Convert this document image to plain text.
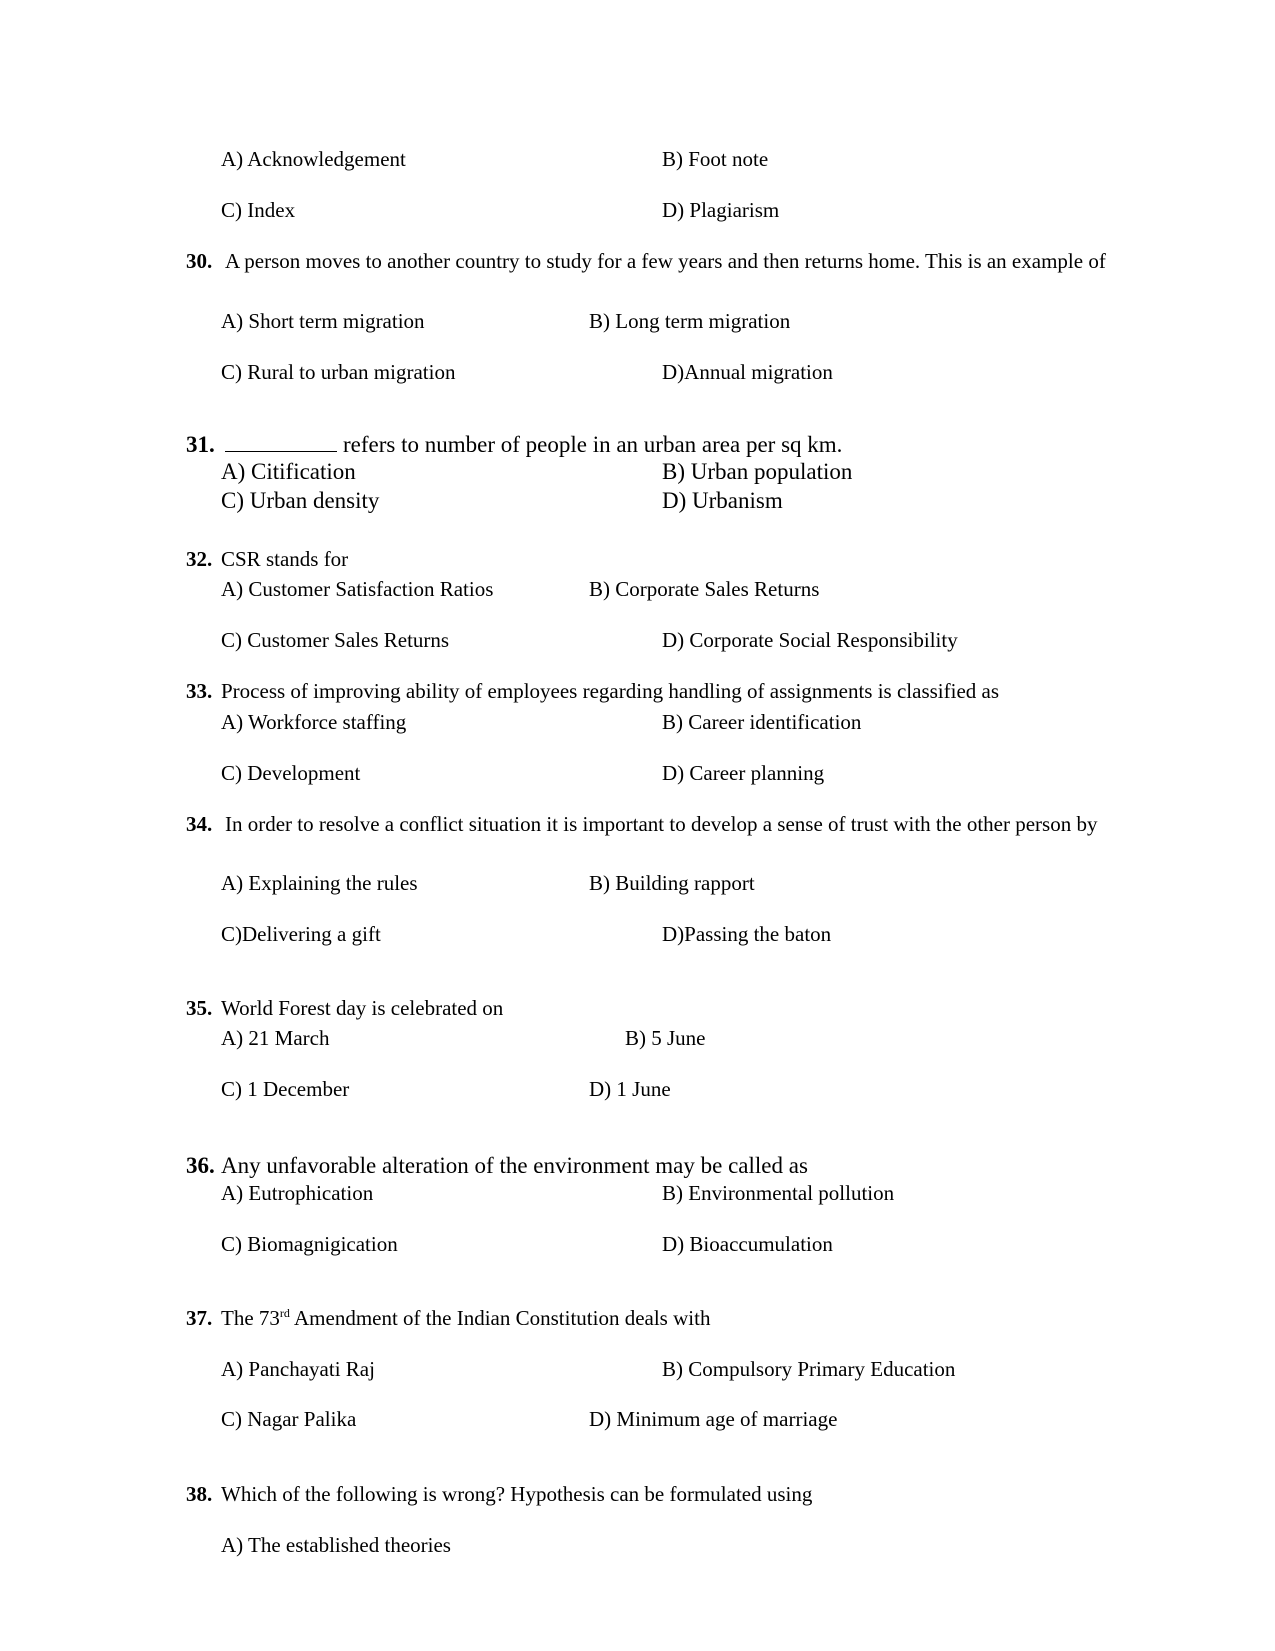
A) Acknowledgement	B) Foot note
C) Index	D) Plagiarism
30. A person moves to another country to study for a few years and then returns home. This is an example of
A) Short term migration	B) Long term migration
C) Rural to urban migration	D)Annual migration
31.	refers to number of people in an urban area per sq km.
A) Citification	B) Urban population
C) Urban density	D) Urbanism
32. CSR stands for
A) Customer Satisfaction Ratios	B) Corporate Sales Returns
C) Customer Sales Returns	D) Corporate Social Responsibility
33. Process of improving ability of employees regarding handling of assignments is classified as
A) Workforce staffing	B) Career identification
C) Development	D) Career planning
34. In order to resolve a conflict situation it is important to develop a sense of trust with the other person by
A) Explaining the rules	B) Building rapport
C)Delivering a gift	D)Passing the baton
35. World Forest day is celebrated on
A) 21 March	B) 5 June
C) 1 December	D) 1 June
36. Any unfavorable alteration of the environment may be called as
A) Eutrophication	B) Environmental pollution
C) Biomagnigication	D) Bioaccumulation
37. The 73rd Amendment of the Indian Constitution deals with
A) Panchayati Raj	B) Compulsory Primary Education
C) Nagar Palika	D) Minimum age of marriage
38. Which of the following is wrong? Hypothesis can be formulated using
A) The established theories
